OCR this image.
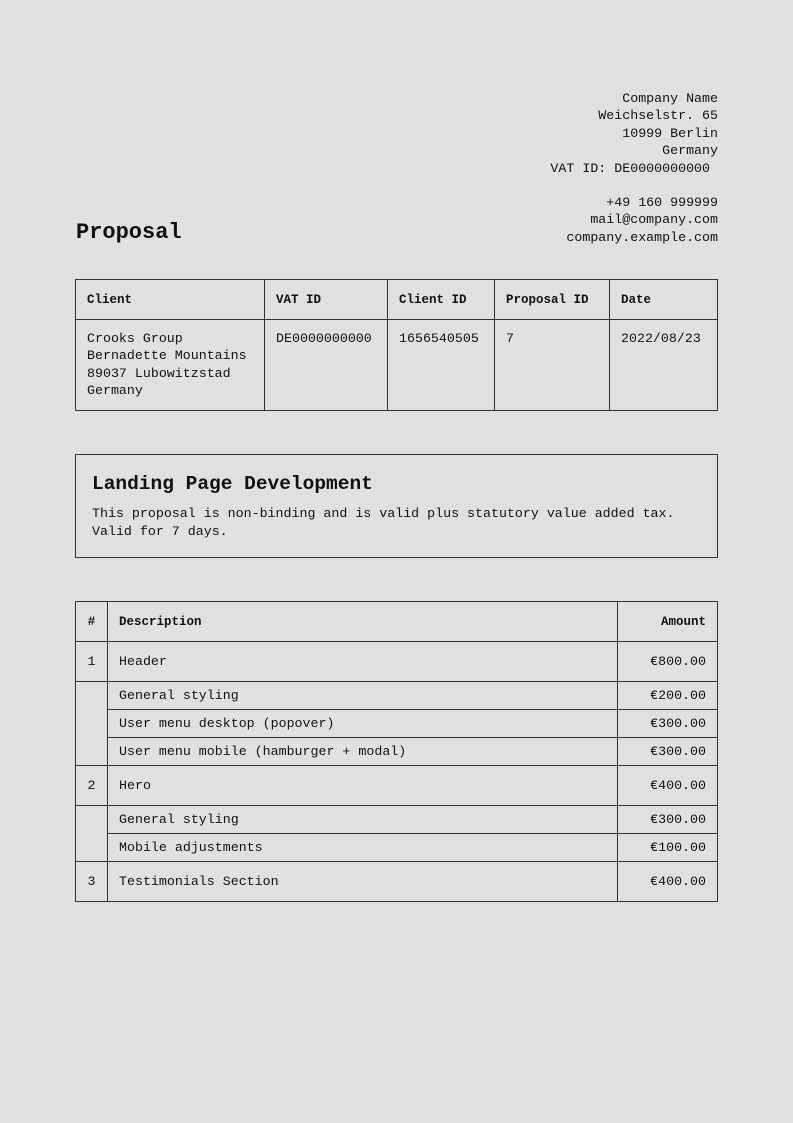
Company Name
Weichselstr. 65
10999 Berlin
Germany
VAT ID: DE0000000000
+49 160 999999
mail@company.com
company.example.com
Proposal
Client	VAT ID	Client ID	Proposal ID	Date

Crooks Group
Bernadette Mountains
89037 Lubowitzstad
Germany	DE0000000000	1656540505	7	2022/08/23
Landing Page Development

This proposal is non-binding and is valid plus statutory value added tax. Valid for 7 days.

#	Description	Amount
1	Header	€800.00
	General styling	€200.00
	User menu desktop (popover)	€300.00
	User menu mobile (hamburger + modal)	€300.00
2	Hero	€400.00
	General styling	€300.00
	Mobile adjustments	€100.00
3	Testimonials Section	€400.00
